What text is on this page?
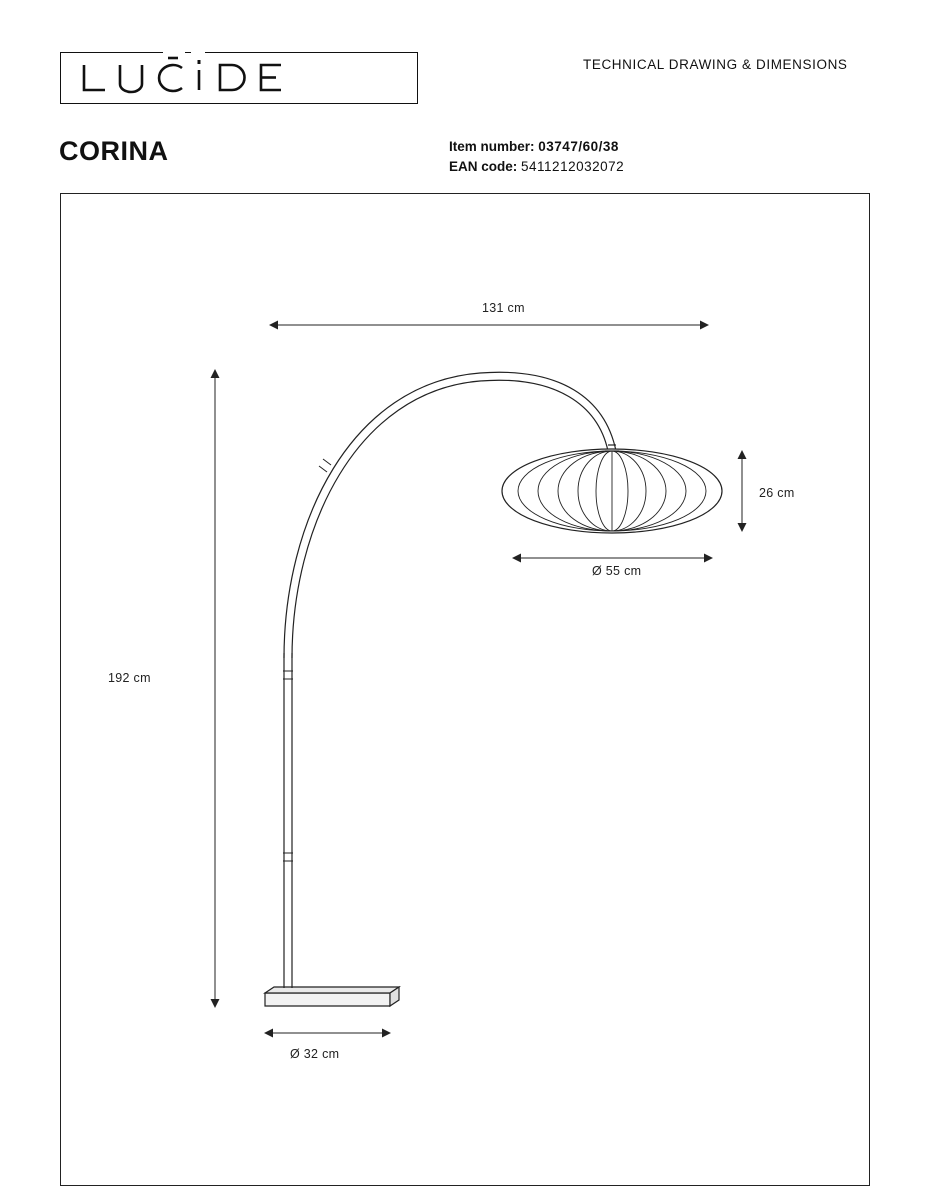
TECHNICAL DRAWING & DIMENSIONS
CORINA	Item number: 03747/60/38
EAN code: 5411212032072
131 cm
26 cm
Ø 55 cm
192 cm
Ø 32 cm
